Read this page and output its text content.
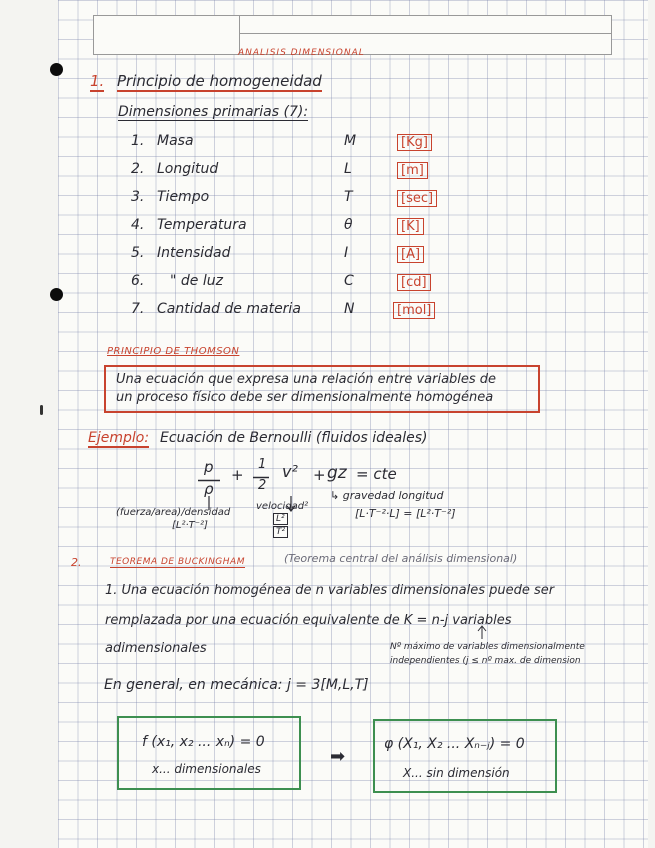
ANALISIS DIMENSIONAL
1. Principio de homogeneidad
Dimensiones primarias (7):
1. Masa	M	[Kg]
2. Longitud	L	[m]
3. Tiempo	T	[sec]
4. Temperatura	θ	[K]
5. Intensidad	I	[A]
6. " de luz	C	[cd]
7. Cantidad de materia	N	[mol]
PRINCIPIO DE THOMSON
Una ecuación que expresa una relación entre variables de
un proceso físico debe ser dimensionalmente homogénea
Ejemplo: Ecuación de Bernoulli (fluidos ideales)
p
ρ
+
1
2
v² + gz = cte
(fuerza/area)/densidad
[L²·T⁻²]
velocidad²
L²
T²
↳ gravedad longitud
[L·T⁻²·L] = [L²·T⁻²]
2.	TEOREMA DE BUCKINGHAM	(Teorema central del análisis dimensional)
1. Una ecuación homogénea de n variables dimensionales puede ser
remplazada por una ecuación equivalente de K = n-j variables
adimensionales	Nº máximo de variables dimensionalmente
independientes (j ≤ nº max. de dimension
En general, en mecánica: j = 3[M,L,T]
f (x₁, x₂ ... xₙ) = 0
x... dimensionales
➡
φ (X₁, X₂ ... Xₙ₋ⱼ) = 0
X... sin dimensión
